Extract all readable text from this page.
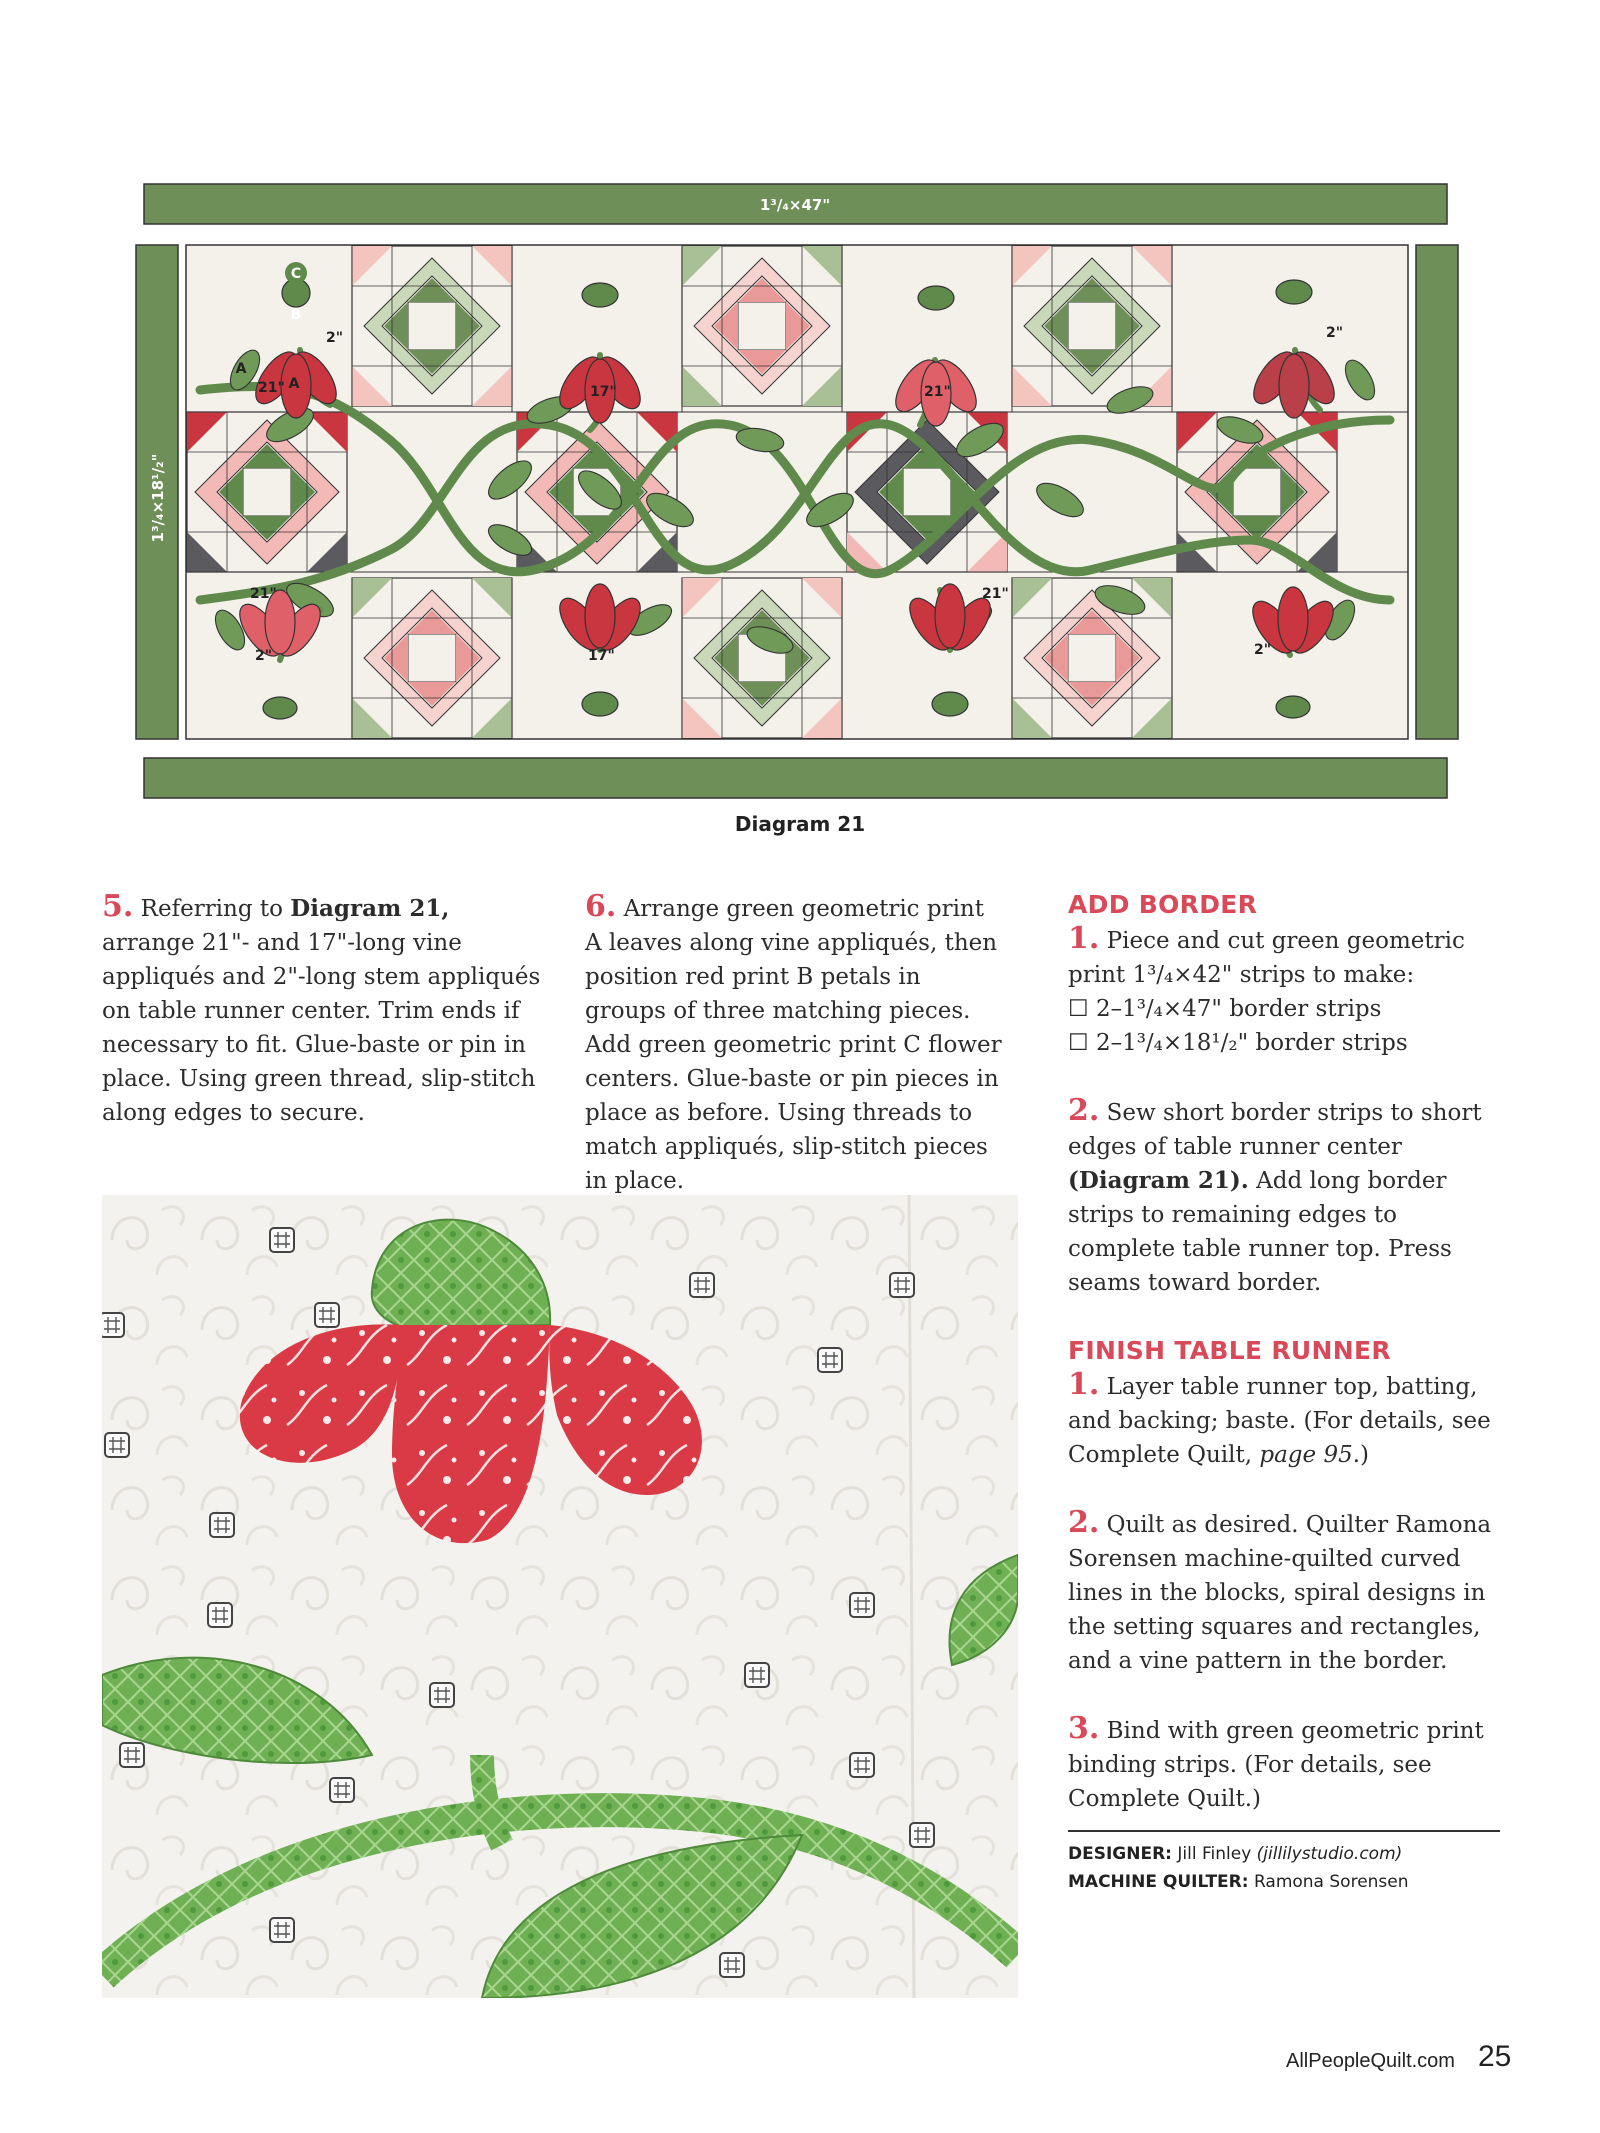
1³/₄×47"
1³/₄×18¹/₂"
C
B
A
A
21"
2"
17"	21"
2"
21"
2"	17"
21"
2"
Diagram 21

5. Referring to Diagram 21, arrange 21"- and 17"-long vine appliqués and 2"-long stem appliqués on table runner center. Trim ends if necessary to fit. Glue-baste or pin in place. Using green thread, slip-stitch along edges to secure.

6. Arrange green geometric print A leaves along vine appliqués, then position red print B petals in groups of three matching pieces. Add green geometric print C flower centers. Glue-baste or pin pieces in place as before. Using threads to match appliqués, slip-stitch pieces in place.

ADD BORDER

1. Piece and cut green geometric print 1³/₄×42" strips to make:

☐ 2–1³/₄×47" border strips

☐ 2–1³/₄×18¹/₂" border strips

2. Sew short border strips to short edges of table runner center (Diagram 21). Add long border strips to remaining edges to complete table runner top. Press seams toward border.

FINISH TABLE RUNNER

1. Layer table runner top, batting, and backing; baste. (For details, see Complete Quilt, page 95.)

2. Quilt as desired. Quilter Ramona Sorensen machine-quilted curved lines in the blocks, spiral designs in the setting squares and rectangles, and a vine pattern in the border.

3. Bind with green geometric print binding strips. (For details, see Complete Quilt.)

DESIGNER: Jill Finley (jillilystudio.com)
MACHINE QUILTER: Ramona Sorensen
AllPeopleQuilt.com 25
